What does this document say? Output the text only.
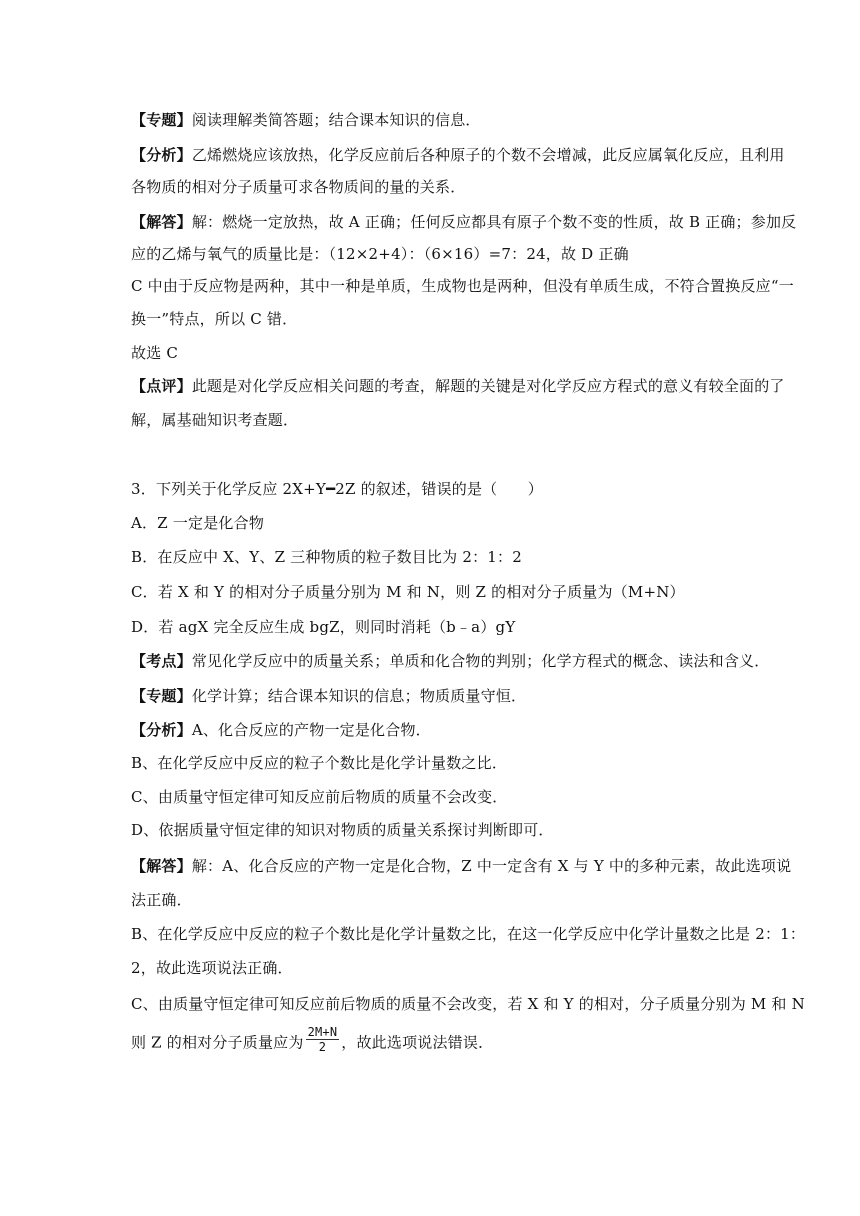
【专题】阅读理解类简答题；结合课本知识的信息．
【分析】乙烯燃烧应该放热，化学反应前后各种原子的个数不会增减，此反应属氧化反应，且利用
各物质的相对分子质量可求各物质间的量的关系．
【解答】解：燃烧一定放热，故 A 正确；任何反应都具有原子个数不变的性质，故 B 正确；参加反
应的乙烯与氧气的质量比是：（12×2+4）：（6×16）=7：24，故 D 正确
C 中由于反应物是两种，其中一种是单质，生成物也是两种，但没有单质生成，不符合置换反应“一
换一”特点，所以 C 错．
故选 C
【点评】此题是对化学反应相关问题的考查，解题的关键是对化学反应方程式的意义有较全面的了
解，属基础知识考查题．
3．下列关于化学反应 2X+Y━2Z 的叙述，错误的是（　　）
A．Z 一定是化合物
B．在反应中 X、Y、Z 三种物质的粒子数目比为 2：1：2
C．若 X 和 Y 的相对分子质量分别为 M 和 N，则 Z 的相对分子质量为（M+N）
D．若 agX 完全反应生成 bgZ，则同时消耗（b﹣a）gY
【考点】常见化学反应中的质量关系；单质和化合物的判别；化学方程式的概念、读法和含义．
【专题】化学计算；结合课本知识的信息；物质质量守恒．
【分析】A、化合反应的产物一定是化合物．
B、在化学反应中反应的粒子个数比是化学计量数之比．
C、由质量守恒定律可知反应前后物质的质量不会改变．
D、依据质量守恒定律的知识对物质的质量关系探讨判断即可．
【解答】解：A、化合反应的产物一定是化合物，Z 中一定含有 X 与 Y 中的多种元素，故此选项说
法正确．
B、在化学反应中反应的粒子个数比是化学计量数之比，在这一化学反应中化学计量数之比是 2：1：
2，故此选项说法正确．
C、由质量守恒定律可知反应前后物质的质量不会改变，若 X 和 Y 的相对，分子质量分别为 M 和 N
则 Z 的相对分子质量应为 $\frac{2M+N}{2}$ ，故此选项说法错误．
